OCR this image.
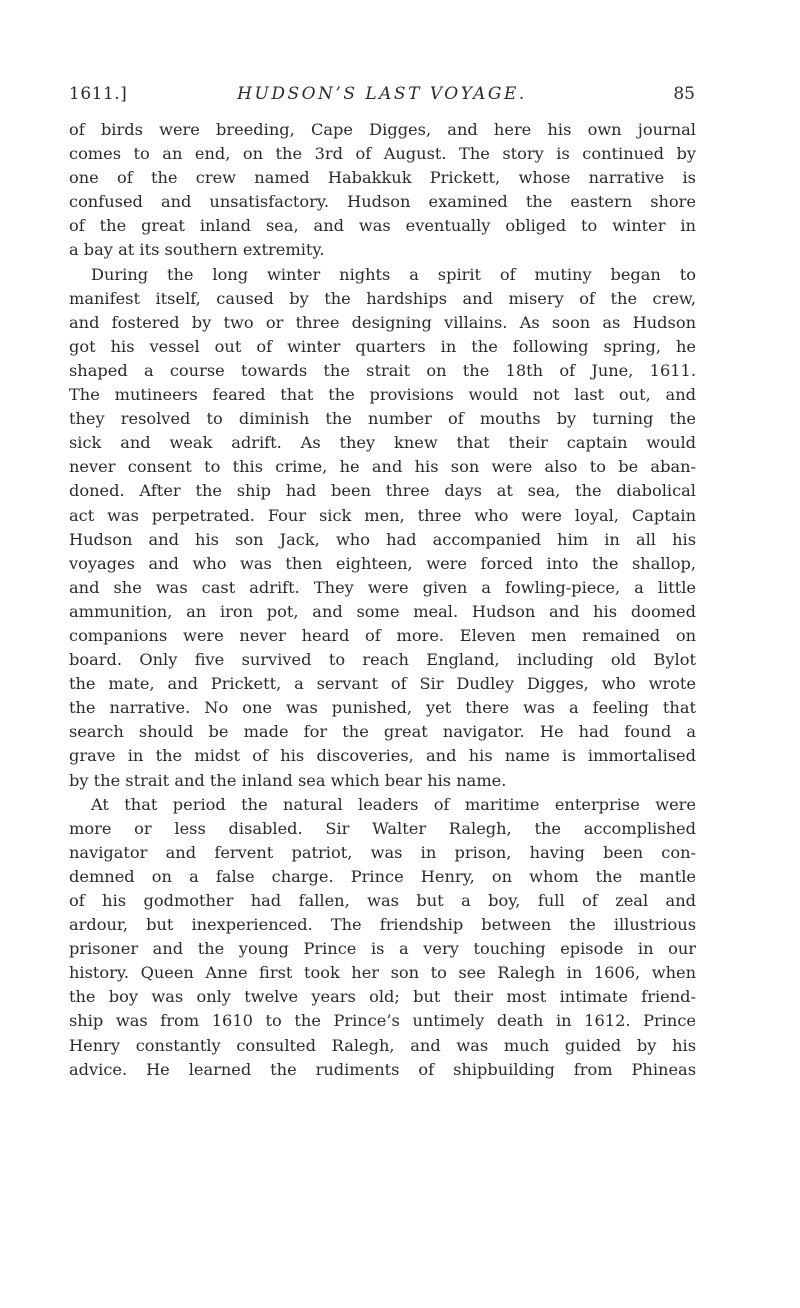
1611.]	HUDSON’S LAST VOYAGE.	85
of birds were breeding, Cape Digges, and here his own journal
comes to an end, on the 3rd of August. The story is continued by
one of the crew named Habakkuk Prickett, whose narrative is
confused and unsatisfactory. Hudson examined the eastern shore
of the great inland sea, and was eventually obliged to winter in
a bay at its southern extremity.
During the long winter nights a spirit of mutiny began to
manifest itself, caused by the hardships and misery of the crew,
and fostered by two or three designing villains. As soon as Hudson
got his vessel out of winter quarters in the following spring, he
shaped a course towards the strait on the 18th of June, 1611.
The mutineers feared that the provisions would not last out, and
they resolved to diminish the number of mouths by turning the
sick and weak adrift. As they knew that their captain would
never consent to this crime, he and his son were also to be aban-
doned. After the ship had been three days at sea, the diabolical
act was perpetrated. Four sick men, three who were loyal, Captain
Hudson and his son Jack, who had accompanied him in all his
voyages and who was then eighteen, were forced into the shallop,
and she was cast adrift. They were given a fowling-piece, a little
ammunition, an iron pot, and some meal. Hudson and his doomed
companions were never heard of more. Eleven men remained on
board. Only five survived to reach England, including old Bylot
the mate, and Prickett, a servant of Sir Dudley Digges, who wrote
the narrative. No one was punished, yet there was a feeling that
search should be made for the great navigator. He had found a
grave in the midst of his discoveries, and his name is immortalised
by the strait and the inland sea which bear his name.
At that period the natural leaders of maritime enterprise were
more or less disabled. Sir Walter Ralegh, the accomplished
navigator and fervent patriot, was in prison, having been con-
demned on a false charge. Prince Henry, on whom the mantle
of his godmother had fallen, was but a boy, full of zeal and
ardour, but inexperienced. The friendship between the illustrious
prisoner and the young Prince is a very touching episode in our
history. Queen Anne first took her son to see Ralegh in 1606, when
the boy was only twelve years old; but their most intimate friend-
ship was from 1610 to the Prince’s untimely death in 1612. Prince
Henry constantly consulted Ralegh, and was much guided by his
advice. He learned the rudiments of shipbuilding from Phineas
